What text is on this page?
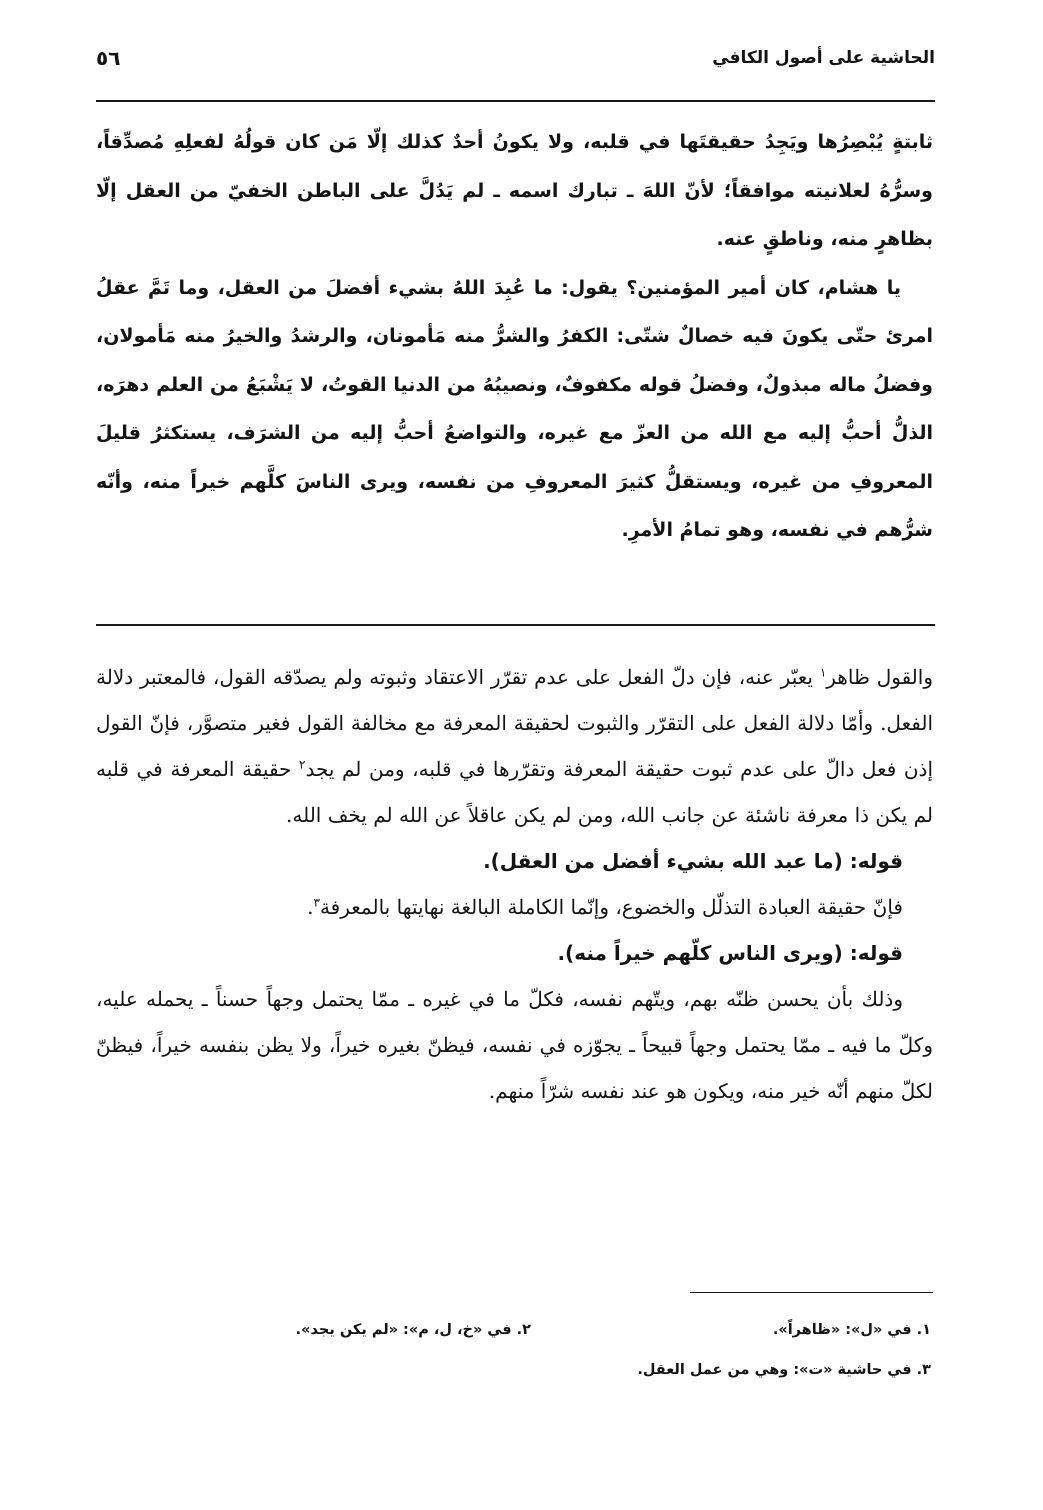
الحاشية على أصول الكافي
٥٦

ثابتةٍ يُبْصِرُها ويَجِدُ حقيقتَها في قلبه، ولا يكونُ أحدٌ كذلك إلّا مَن كان قولُهُ لفعلِهِ مُصدِّقاً، وسرُّهُ لعلانيته موافقاً؛ لأنّ اللهَ ـ تبارك اسمه ـ لم يَدُلَّ على الباطن الخفيّ من العقل إلّا بظاهرٍ منه، وناطقٍ عنه.

يا هشام، كان أمير المؤمنين؟ يقول: ما عُبِدَ اللهُ بشيء أفضلَ من العقل، وما تَمَّ عقلُ امرئ حتّى يكونَ فيه خصالٌ شتّى: الكفرُ والشرُّ منه مَأمونان، والرشدُ والخيرُ منه مَأمولان، وفضلُ ماله مبذولٌ، وفضلُ قوله مكفوفٌ، ونصيبُهُ من الدنيا القوتُ، لا يَشْبَعُ من العلم دهرَه، الذلُّ أحبُّ إليه مع الله من العزّ مع غيره، والتواضعُ أحبُّ إليه من الشرَف، يستكثرُ قليلَ المعروفِ من غيره، ويستقلُّ كثيرَ المعروفِ من نفسه، ويرى الناسَ كلَّهم خيراً منه، وأنّه شرُّهم في نفسه، وهو تمامُ الأمرِ.

والقول ظاهر$^١$ يعبّر عنه، فإن دلّ الفعل على عدم تقرّر الاعتقاد وثبوته ولم يصدّقه القول، فالمعتبر دلالة الفعل. وأمّا دلالة الفعل على التقرّر والثبوت لحقيقة المعرفة مع مخالفة القول فغير متصوَّر، فإنّ القول إذن فعل دالّ على عدم ثبوت حقيقة المعرفة وتقرّرها في قلبه، ومن لم يجد$^٢$ حقيقة المعرفة في قلبه لم يكن ذا معرفة ناشئة عن جانب الله، ومن لم يكن عاقلاً عن الله لم يخف الله.

قوله: (ما عبد الله بشيء أفضل من العقل).

فإنّ حقيقة العبادة التذلّل والخضوع، وإنّما الكاملة البالغة نهايتها بالمعرفة$^٣$.

قوله: (ويرى الناس كلّهم خيراً منه).

وذلك بأن يحسن ظنّه بهم، ويتّهم نفسه، فكلّ ما في غيره ـ ممّا يحتمل وجهاً حسناً ـ يحمله عليه، وكلّ ما فيه ـ ممّا يحتمل وجهاً قبيحاً ـ يجوّزه في نفسه، فيظنّ بغيره خيراً، ولا يظن بنفسه خيراً، فيظنّ لكلّ منهم أنّه خير منه، ويكون هو عند نفسه شرّاً منهم.

١. في «ل»: «ظاهراً».
٢. في «خ، ل، م»: «لم يكن يجد».
٣. في حاشية «ت»: وهي من عمل العقل.
